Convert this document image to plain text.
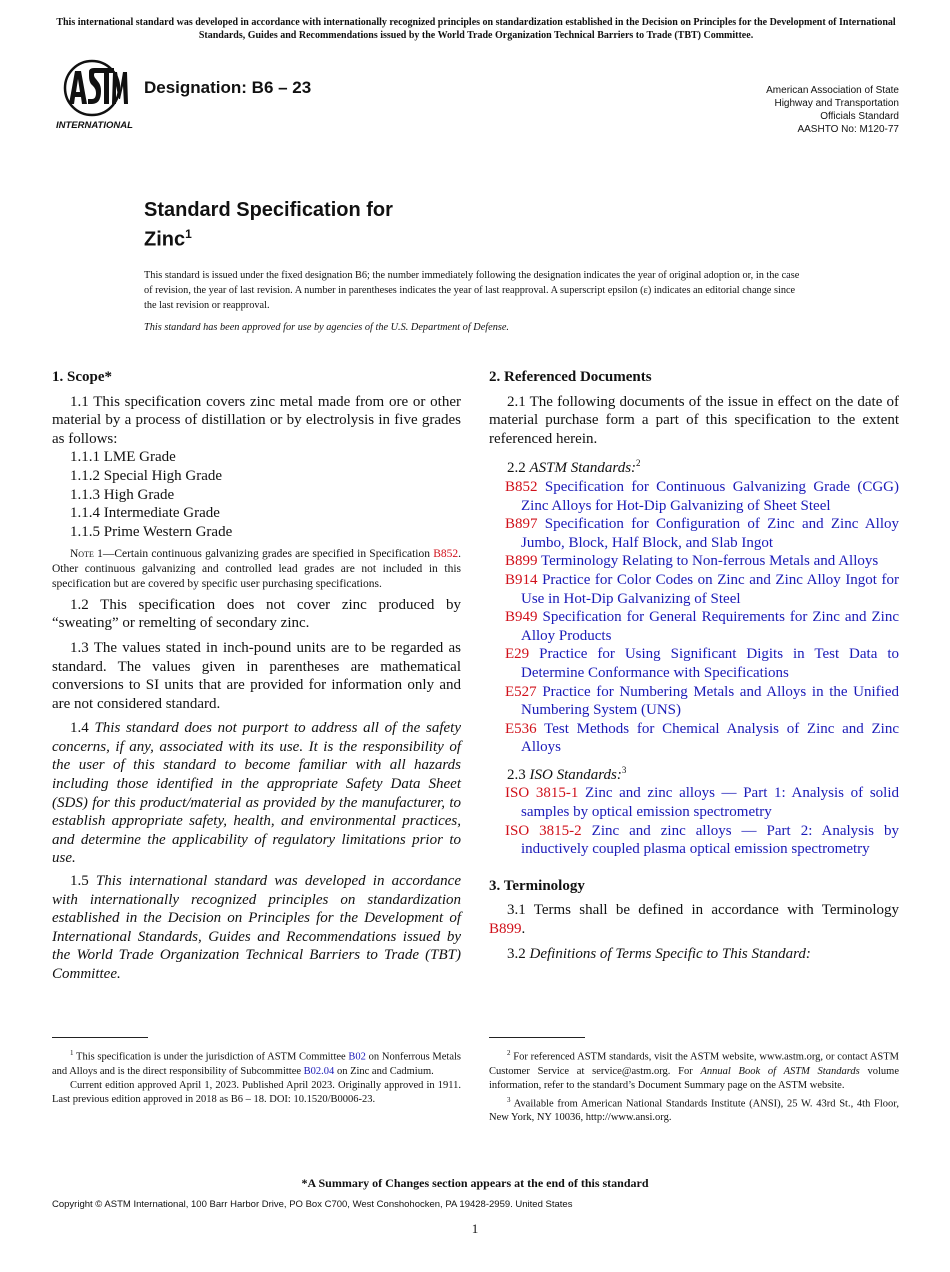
This international standard was developed in accordance with internationally recognized principles on standardization established in the Decision on Principles for the Development of International Standards, Guides and Recommendations issued by the World Trade Organization Technical Barriers to Trade (TBT) Committee.
INTERNATIONAL
Designation: B6 – 23	American Association of State
Highway and Transportation
Officials Standard
AASHTO No: M120-77
Standard Specification for
Zinc$^1$
This standard is issued under the fixed designation B6; the number immediately following the designation indicates the year of original adoption or, in the case of revision, the year of last revision. A number in parentheses indicates the year of last reapproval. A superscript epsilon (ε) indicates an editorial change since the last revision or reapproval.
This standard has been approved for use by agencies of the U.S. Department of Defense.

1. Scope*

1.1 This specification covers zinc metal made from ore or other material by a process of distillation or by electrolysis in five grades as follows:

1.1.1 LME Grade

1.1.2 Special High Grade

1.1.3 High Grade

1.1.4 Intermediate Grade

1.1.5 Prime Western Grade

Note 1—Certain continuous galvanizing grades are specified in Specification B852. Other continuous galvanizing and controlled lead grades are not included in this specification but are covered by specific user purchasing specifications.

1.2 This specification does not cover zinc produced by “sweating” or remelting of secondary zinc.

1.3 The values stated in inch-pound units are to be regarded as standard. The values given in parentheses are mathematical conversions to SI units that are provided for information only and are not considered standard.

1.4 This standard does not purport to address all of the safety concerns, if any, associated with its use. It is the responsibility of the user of this standard to become familiar with all hazards including those identified in the appropriate Safety Data Sheet (SDS) for this product/material as provided by the manufacturer, to establish appropriate safety, health, and environmental practices, and determine the applicability of regulatory limitations prior to use.

1.5 This international standard was developed in accordance with internationally recognized principles on standardization established in the Decision on Principles for the Development of International Standards, Guides and Recommendations issued by the World Trade Organization Technical Barriers to Trade (TBT) Committee.

2. Referenced Documents

2.1 The following documents of the issue in effect on the date of material purchase form a part of this specification to the extent referenced herein.

2.2 ASTM Standards:$^2$

B852 Specification for Continuous Galvanizing Grade (CGG) Zinc Alloys for Hot-Dip Galvanizing of Sheet Steel

B897 Specification for Configuration of Zinc and Zinc Alloy Jumbo, Block, Half Block, and Slab Ingot

B899 Terminology Relating to Non-ferrous Metals and Alloys

B914 Practice for Color Codes on Zinc and Zinc Alloy Ingot for Use in Hot-Dip Galvanizing of Steel

B949 Specification for General Requirements for Zinc and Zinc Alloy Products

E29 Practice for Using Significant Digits in Test Data to Determine Conformance with Specifications

E527 Practice for Numbering Metals and Alloys in the Unified Numbering System (UNS)

E536 Test Methods for Chemical Analysis of Zinc and Zinc Alloys

2.3 ISO Standards:$^3$

ISO 3815-1 Zinc and zinc alloys — Part 1: Analysis of solid samples by optical emission spectrometry

ISO 3815-2 Zinc and zinc alloys — Part 2: Analysis by inductively coupled plasma optical emission spectrometry

3. Terminology

3.1 Terms shall be defined in accordance with Terminology B899.

3.2 Definitions of Terms Specific to This Standard:

$^1$ This specification is under the jurisdiction of ASTM Committee B02 on Nonferrous Metals and Alloys and is the direct responsibility of Subcommittee B02.04 on Zinc and Cadmium.

Current edition approved April 1, 2023. Published April 2023. Originally approved in 1911. Last previous edition approved in 2018 as B6 – 18. DOI: 10.1520/B0006-23.

$^2$ For referenced ASTM standards, visit the ASTM website, www.astm.org, or contact ASTM Customer Service at service@astm.org. For Annual Book of ASTM Standards volume information, refer to the standard’s Document Summary page on the ASTM website.

$^3$ Available from American National Standards Institute (ANSI), 25 W. 43rd St., 4th Floor, New York, NY 10036, http://www.ansi.org.

*A Summary of Changes section appears at the end of this standard
Copyright © ASTM International, 100 Barr Harbor Drive, PO Box C700, West Conshohocken, PA 19428-2959. United States
1
